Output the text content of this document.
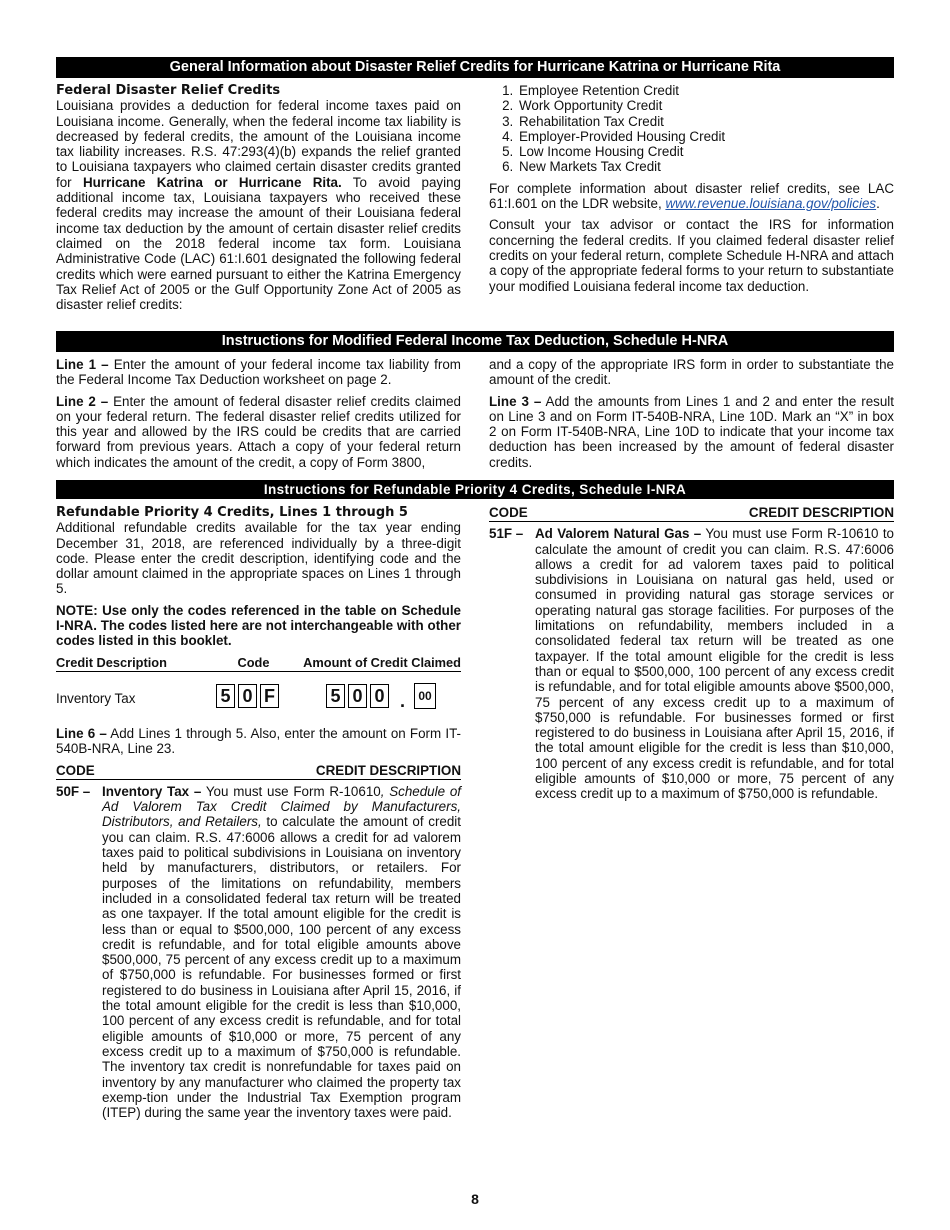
General Information about Disaster Relief Credits for Hurricane Katrina or Hurricane Rita
Federal Disaster Relief Credits

Louisiana provides a deduction for federal income taxes paid on Louisiana income. Generally, when the federal income tax liability is decreased by federal credits, the amount of the Louisiana income tax liability increases. R.S. 47:293(4)(b) expands the relief granted to Louisiana taxpayers who claimed certain disaster credits granted for Hurricane Katrina or Hurricane Rita. To avoid paying additional income tax, Louisiana taxpayers who received these federal credits may increase the amount of their Louisiana federal income tax deduction by the amount of certain disaster relief credits claimed on the 2018 federal income tax form. Louisiana Administrative Code (LAC) 61:I.601 designated the following federal credits which were earned pursuant to either the Katrina Emergency Tax Relief Act of 2005 or the Gulf Opportunity Zone Act of 2005 as disaster relief credits:

1. Employee Retention Credit
2. Work Opportunity Credit
3. Rehabilitation Tax Credit
4. Employer-Provided Housing Credit
5. Low Income Housing Credit
6. New Markets Tax Credit

For complete information about disaster relief credits, see LAC 61:I.601 on the LDR website, www.revenue.louisiana.gov/policies.

Consult your tax advisor or contact the IRS for information concerning the federal credits. If you claimed federal disaster relief credits on your federal return, complete Schedule H-NRA and attach a copy of the appropriate federal forms to your return to substantiate your modified Louisiana federal income tax deduction.

Instructions for Modified Federal Income Tax Deduction, Schedule H-NRA

Line 1 – Enter the amount of your federal income tax liability from the Federal Income Tax Deduction worksheet on page 2.

Line 2 – Enter the amount of federal disaster relief credits claimed on your federal return. The federal disaster relief credits utilized for this year and allowed by the IRS could be credits that are carried forward from previous years. Attach a copy of your federal return which indicates the amount of the credit, a copy of Form 3800,

and a copy of the appropriate IRS form in order to substantiate the amount of the credit.

Line 3 – Add the amounts from Lines 1 and 2 and enter the result on Line 3 and on Form IT-540B-NRA, Line 10D. Mark an “X” in box 2 on Form IT-540B-NRA, Line 10D to indicate that your income tax deduction has been increased by the amount of federal disaster credits.

Instructions for Refundable Priority 4 Credits, Schedule I-NRA
Refundable Priority 4 Credits, Lines 1 through 5

Additional refundable credits available for the tax year ending December 31, 2018, are referenced individually by a three-digit code. Please enter the credit description, identifying code and the dollar amount claimed in the appropriate spaces on Lines 1 through 5.

NOTE: Use only the codes referenced in the table on Schedule I-NRA. The codes listed here are not interchangeable with other codes listed in this booklet.

Credit Description	Code	Amount of Credit Claimed
Inventory Tax	5 0 F	5 0 0 .	00

Line 6 – Add Lines 1 through 5. Also, enter the amount on Form IT-540B-NRA, Line 23.

CODE	CREDIT DESCRIPTION
50F – Inventory Tax – You must use Form R-10610, Schedule of Ad Valorem Tax Credit Claimed by Manufacturers, Distributors, and Retailers, to calculate the amount of credit you can claim. R.S. 47:6006 allows a credit for ad valorem taxes paid to political subdivisions in Louisiana on inventory held by manufacturers, distributors, or retailers. For purposes of the limitations on refundability, members included in a consolidated federal tax return will be treated as one taxpayer. If the total amount eligible for the credit is less than or equal to $500,000, 100 percent of any excess credit is refundable, and for total eligible amounts above $500,000, 75 percent of any excess credit up to a maximum of $750,000 is refundable. For businesses formed or first registered to do business in Louisiana after April 15, 2016, if the total amount eligible for the credit is less than $10,000, 100 percent of any excess credit is refundable, and for total eligible amounts of $10,000 or more, 75 percent of any excess credit up to a maximum of $750,000 is refundable. The inventory tax credit is nonrefundable for taxes paid on inventory by any manufacturer who claimed the property tax exemp-tion under the Industrial Tax Exemption program (ITEP) during the same year the inventory taxes were paid.
CODE	CREDIT DESCRIPTION
51F – Ad Valorem Natural Gas – You must use Form R-10610 to calculate the amount of credit you can claim. R.S. 47:6006 allows a credit for ad valorem taxes paid to political subdivisions in Louisiana on natural gas held, used or consumed in providing natural gas storage services or operating natural gas storage facilities. For purposes of the limitations on refundability, members included in a consolidated federal tax return will be treated as one taxpayer. If the total amount eligible for the credit is less than or equal to $500,000, 100 percent of any excess credit is refundable, and for total eligible amounts above $500,000, 75 percent of any excess credit up to a maximum of $750,000 is refundable. For businesses formed or first registered to do business in Louisiana after April 15, 2016, if the total amount eligible for the credit is less than $10,000, 100 percent of any excess credit is refundable, and for total eligible amounts of $10,000 or more, 75 percent of any excess credit up to a maximum of $750,000 is refundable.
8
